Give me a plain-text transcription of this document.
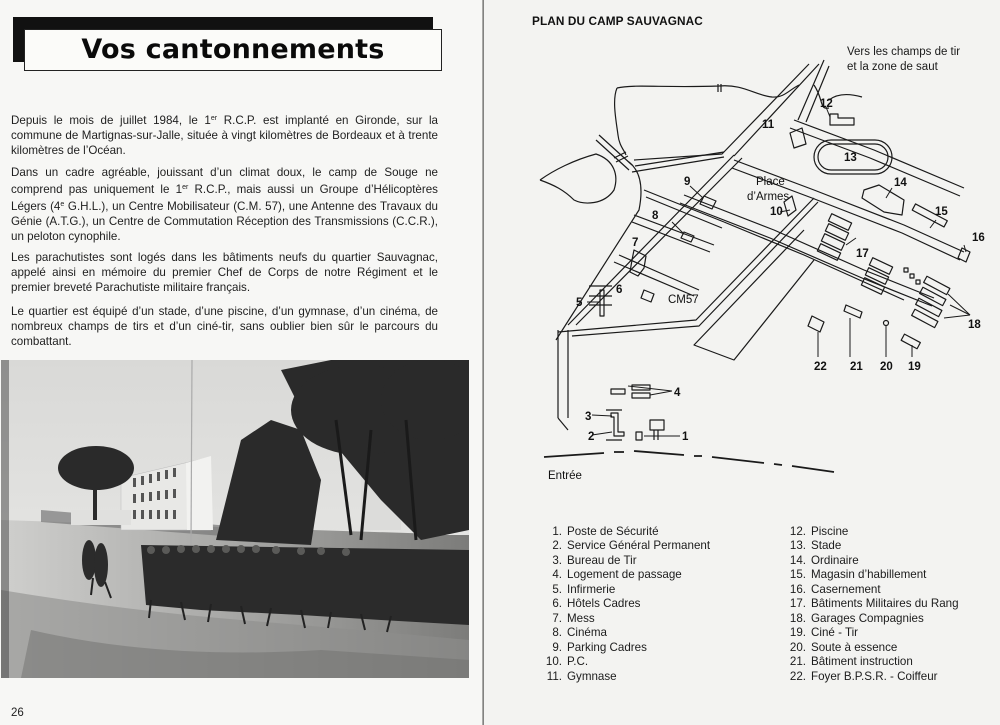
Vos cantonnements

Depuis le mois de juillet 1984, le 1er R.C.P. est implanté en Gironde, sur la commune de Martignas-sur-Jalle, située à vingt kilomètres de Bordeaux et à trente kilomètres de l’Océan.

Dans un cadre agréable, jouissant d’un climat doux, le camp de Souge ne comprend pas uniquement le 1er R.C.P., mais aussi un Groupe d’Hélicoptères Légers (4e G.H.L.), un Centre Mobilisateur (C.M. 57), une Antenne des Travaux du Génie (A.T.G.), un Centre de Commutation Réception des Transmissions (C.C.R.), un peloton cynophile.

Les parachutistes sont logés dans les bâtiments neufs du quartier Sauvagnac, appelé ainsi en mémoire du premier Chef de Corps de notre Régiment et le premier breveté Parachutiste militaire français.

Le quartier est équipé d’un stade, d’une piscine, d’un gymnase, d’un cinéma, de nombreux champs de tirs et d’un ciné-tir, sans oublier bien sûr le parcours du combattant.

26
PLAN DU CAMP SAUVAGNAC
Vers les champs de tir
et la zone de saut
9
8
7
6
5
4
3
2	1
10
11
12
13
14
15
16
17
18
19
20
21
22
Place
d’Armes
CM57
Entrée
1. Poste de Sécurité
2. Service Général Permanent
3. Bureau de Tir
4. Logement de passage
5. Infirmerie
6. Hôtels Cadres
7. Mess
8. Cinéma
9. Parking Cadres
10. P.C.
11. Gymnase
12. Piscine
13. Stade
14. Ordinaire
15. Magasin d’habillement
16. Casernement
17. Bâtiments Militaires du Rang
18. Garages Compagnies
19. Ciné - Tir
20. Soute à essence
21. Bâtiment instruction
22. Foyer B.P.S.R. - Coiffeur
